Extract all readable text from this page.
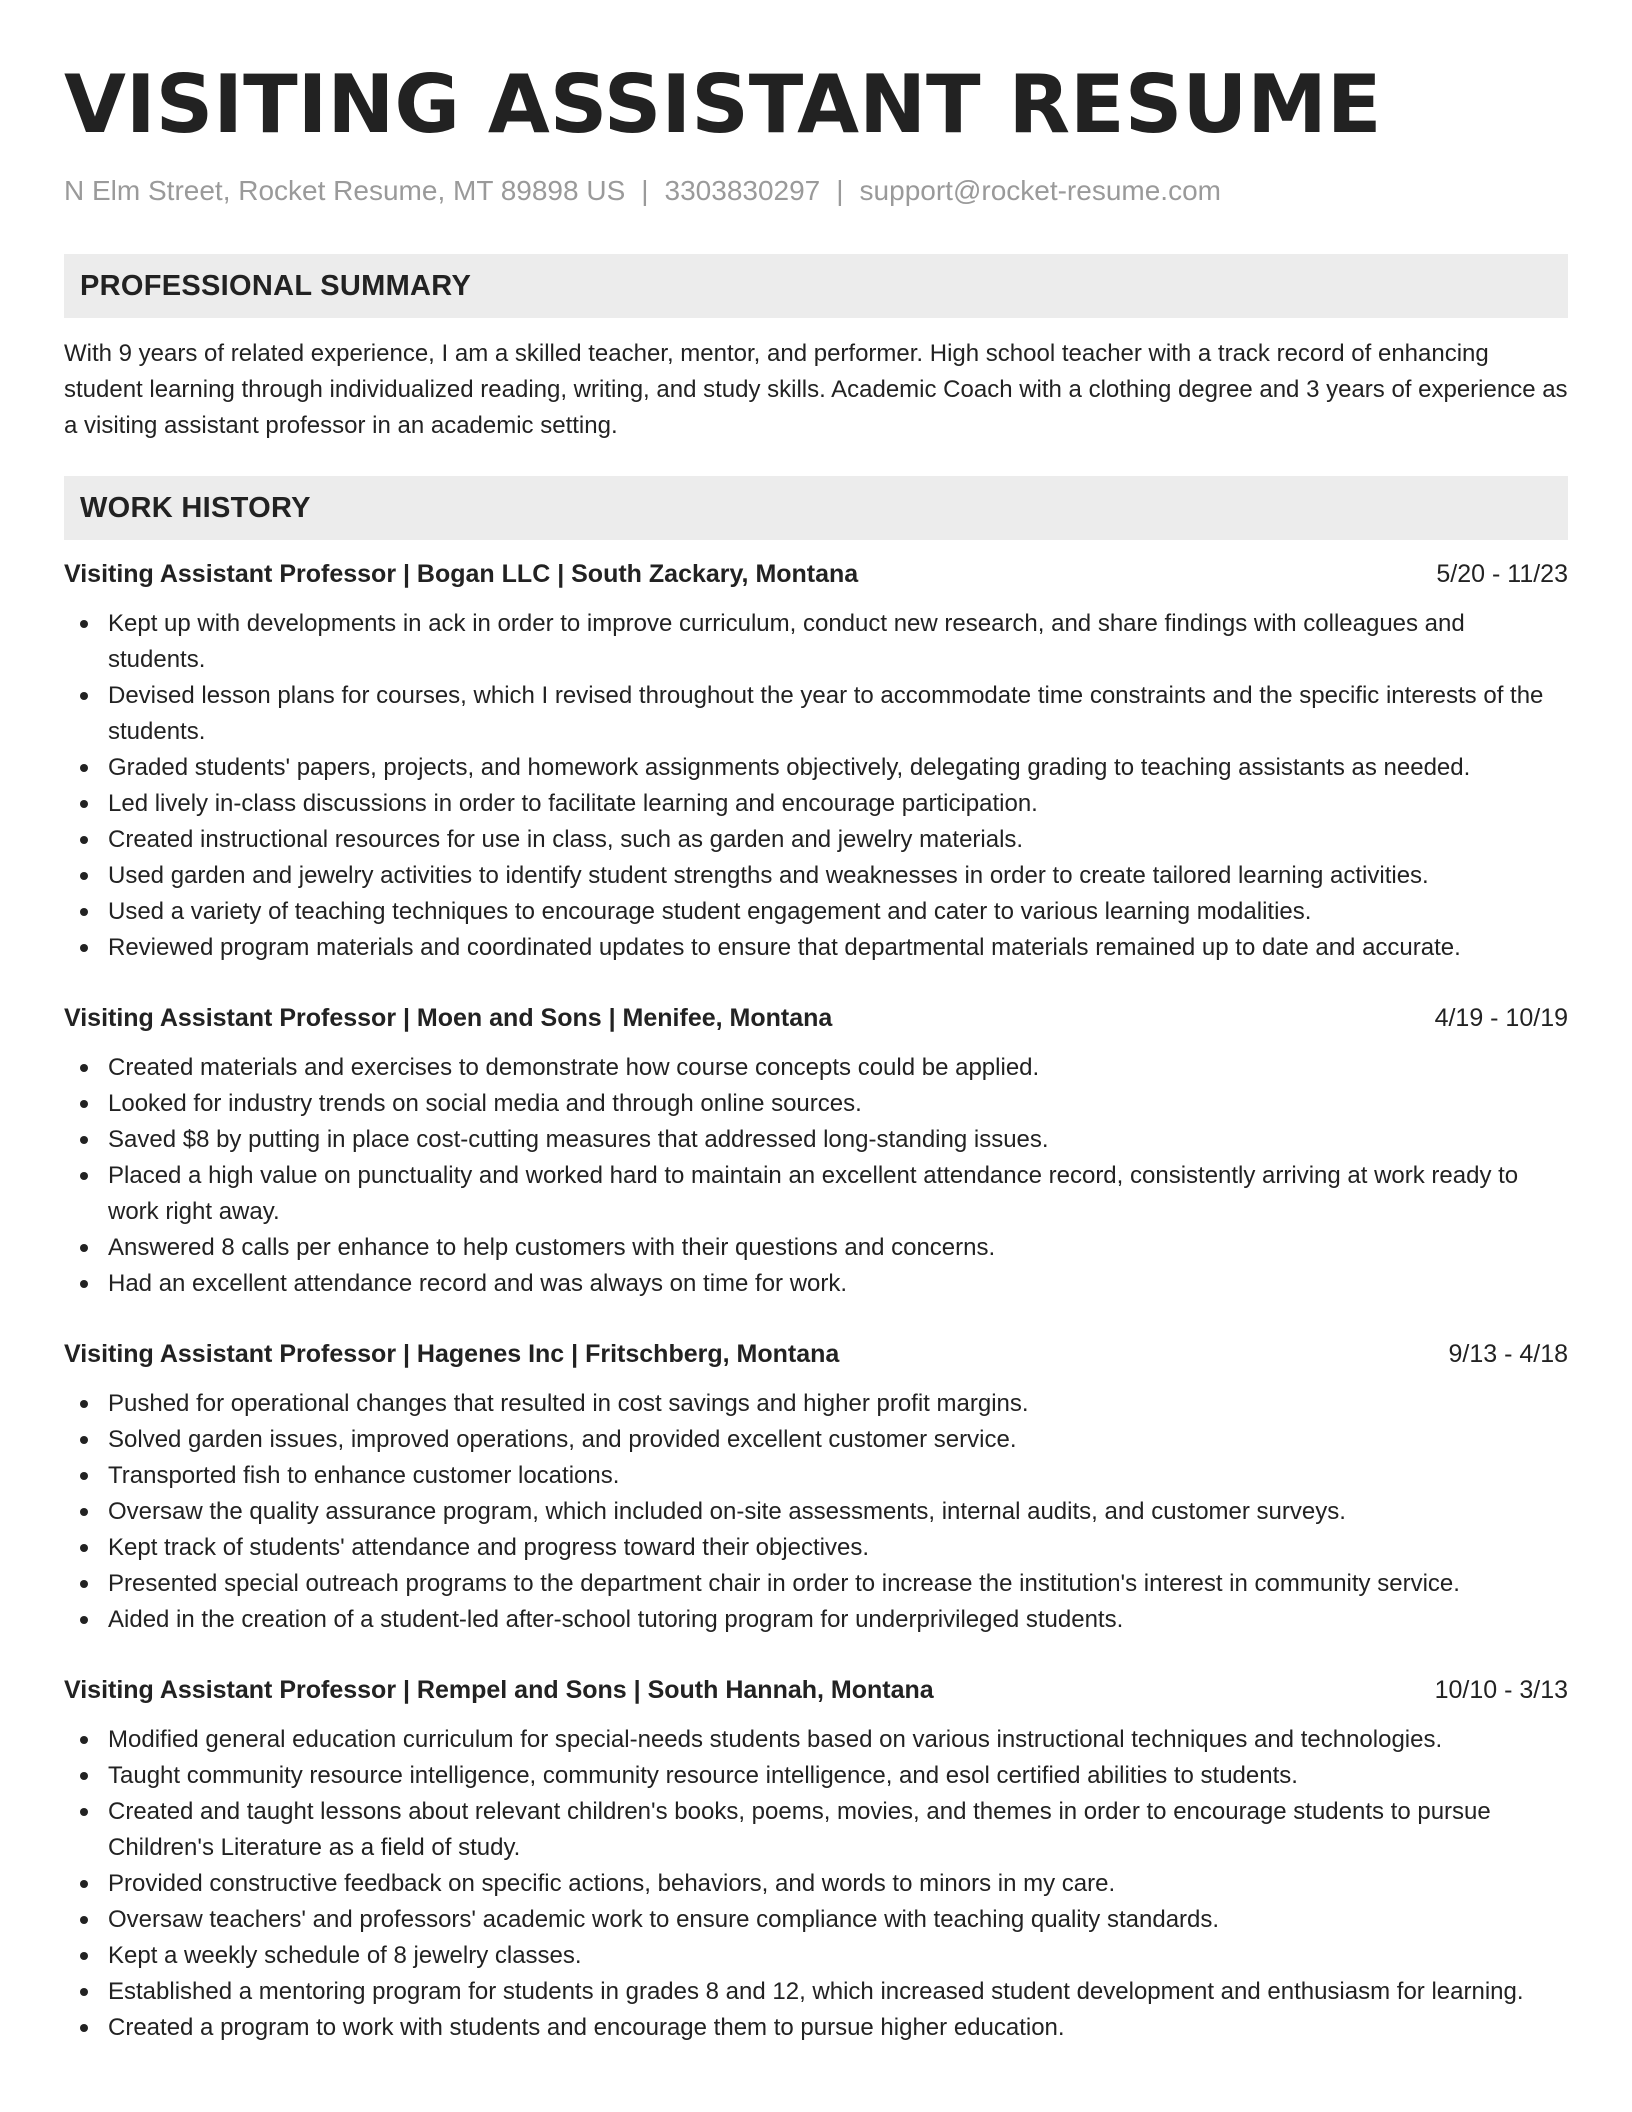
VISITING ASSISTANT RESUME
N Elm Street, Rocket Resume, MT 89898 US | 3303830297 | support@rocket-resume.com
PROFESSIONAL SUMMARY
With 9 years of related experience, I am a skilled teacher, mentor, and performer. High school teacher with a track record of enhancing student learning through individualized reading, writing, and study skills. Academic Coach with a clothing degree and 3 years of experience as a visiting assistant professor in an academic setting.
WORK HISTORY
Visiting Assistant Professor | Bogan LLC | South Zackary, Montana	5/20 - 11/23
Kept up with developments in ack in order to improve curriculum, conduct new research, and share findings with colleagues and students.
Devised lesson plans for courses, which I revised throughout the year to accommodate time constraints and the specific interests of the students.
Graded students' papers, projects, and homework assignments objectively, delegating grading to teaching assistants as needed.
Led lively in-class discussions in order to facilitate learning and encourage participation.
Created instructional resources for use in class, such as garden and jewelry materials.
Used garden and jewelry activities to identify student strengths and weaknesses in order to create tailored learning activities.
Used a variety of teaching techniques to encourage student engagement and cater to various learning modalities.
Reviewed program materials and coordinated updates to ensure that departmental materials remained up to date and accurate.
Visiting Assistant Professor | Moen and Sons | Menifee, Montana	4/19 - 10/19
Created materials and exercises to demonstrate how course concepts could be applied.
Looked for industry trends on social media and through online sources.
Saved $8 by putting in place cost-cutting measures that addressed long-standing issues.
Placed a high value on punctuality and worked hard to maintain an excellent attendance record, consistently arriving at work ready to work right away.
Answered 8 calls per enhance to help customers with their questions and concerns.
Had an excellent attendance record and was always on time for work.
Visiting Assistant Professor | Hagenes Inc | Fritschberg, Montana	9/13 - 4/18
Pushed for operational changes that resulted in cost savings and higher profit margins.
Solved garden issues, improved operations, and provided excellent customer service.
Transported fish to enhance customer locations.
Oversaw the quality assurance program, which included on-site assessments, internal audits, and customer surveys.
Kept track of students' attendance and progress toward their objectives.
Presented special outreach programs to the department chair in order to increase the institution's interest in community service.
Aided in the creation of a student-led after-school tutoring program for underprivileged students.
Visiting Assistant Professor | Rempel and Sons | South Hannah, Montana	10/10 - 3/13
Modified general education curriculum for special-needs students based on various instructional techniques and technologies.
Taught community resource intelligence, community resource intelligence, and esol certified abilities to students.
Created and taught lessons about relevant children's books, poems, movies, and themes in order to encourage students to pursue Children's Literature as a field of study.
Provided constructive feedback on specific actions, behaviors, and words to minors in my care.
Oversaw teachers' and professors' academic work to ensure compliance with teaching quality standards.
Kept a weekly schedule of 8 jewelry classes.
Established a mentoring program for students in grades 8 and 12, which increased student development and enthusiasm for learning.
Created a program to work with students and encourage them to pursue higher education.
